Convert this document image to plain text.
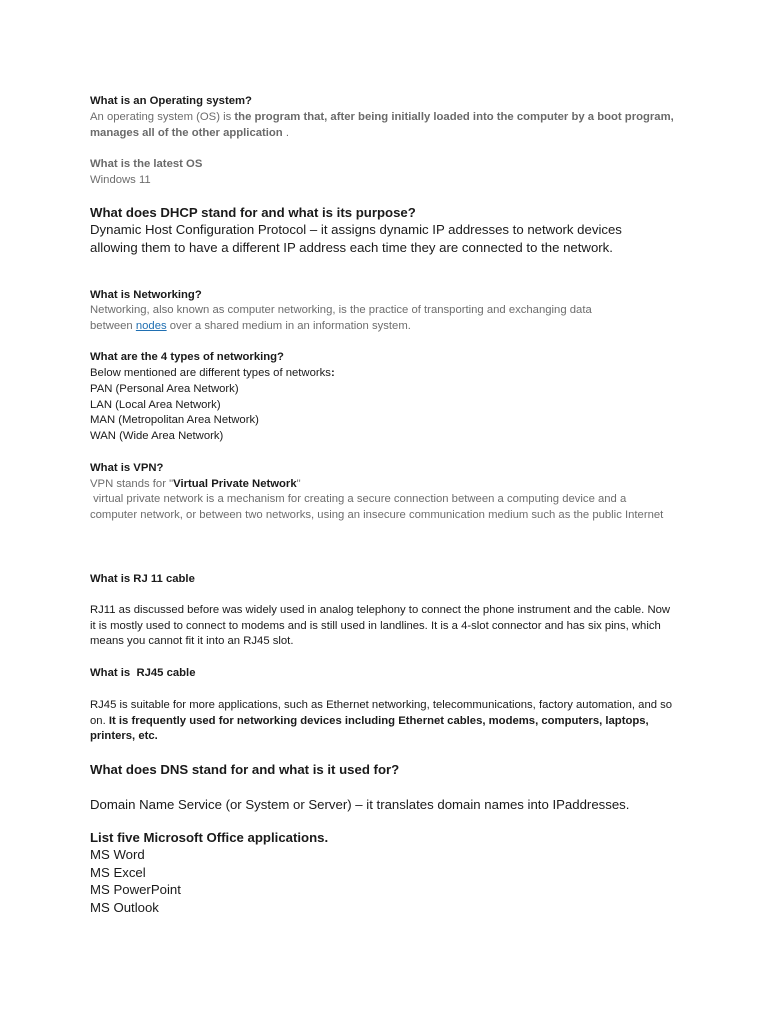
What is an Operating system?

An operating system (OS) is the program that, after being initially loaded into the computer by a boot program, manages all of the other application .

What is the latest OS

Windows 11

What does DHCP stand for and what is its purpose?

Dynamic Host Configuration Protocol – it assigns dynamic IP addresses to network devices allowing them to have a different IP address each time they are connected to the network.

What is Networking?

Networking, also known as computer networking, is the practice of transporting and exchanging data between nodes over a shared medium in an information system.

What are the 4 types of networking?

Below mentioned are different types of networks:

PAN (Personal Area Network)

LAN (Local Area Network)

MAN (Metropolitan Area Network)

WAN (Wide Area Network)

What is VPN?

VPN stands for "Virtual Private Network"

virtual private network is a mechanism for creating a secure connection between a computing device and a computer network, or between two networks, using an insecure communication medium such as the public Internet

What is RJ 11 cable

RJ11 as discussed before was widely used in analog telephony to connect the phone instrument and the cable. Now it is mostly used to connect to modems and is still used in landlines. It is a 4-slot connector and has six pins, which means you cannot fit it into an RJ45 slot.

What is  RJ45 cable

RJ45 is suitable for more applications, such as Ethernet networking, telecommunications, factory automation, and so on. It is frequently used for networking devices including Ethernet cables, modems, computers, laptops, printers, etc.

What does DNS stand for and what is it used for?

Domain Name Service (or System or Server) – it translates domain names into IPaddresses.

List five Microsoft Office applications.

MS Word

MS Excel

MS PowerPoint

MS Outlook
